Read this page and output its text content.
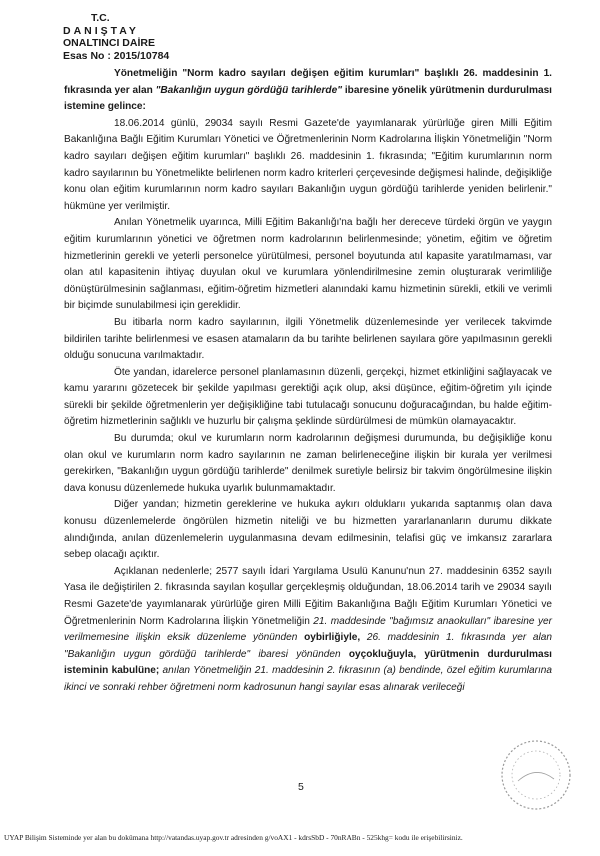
T.C.
DANIŞTAY
ONALTINCI DAİRE
Esas No : 2015/10784

Yönetmeliğin "Norm kadro sayıları değişen eğitim kurumları" başlıklı 26. maddesinin 1. fıkrasında yer alan "Bakanlığın uygun gördüğü tarihlerde" ibaresine yönelik yürütmenin durdurulması istemine gelince:

18.06.2014 günlü, 29034 sayılı Resmi Gazete'de yayımlanarak yürürlüğe giren Milli Eğitim Bakanlığına Bağlı Eğitim Kurumları Yönetici ve Öğretmenlerinin Norm Kadrolarına İlişkin Yönetmeliğin "Norm kadro sayıları değişen eğitim kurumları" başlıklı 26. maddesinin 1. fıkrasında; "Eğitim kurumlarının norm kadro sayılarının bu Yönetmelikte belirlenen norm kadro kriterleri çerçevesinde değişmesi halinde, değişikliğe konu olan eğitim kurumlarının norm kadro sayıları Bakanlığın uygun gördüğü tarihlerde yeniden belirlenir." hükmüne yer verilmiştir.

Anılan Yönetmelik uyarınca, Milli Eğitim Bakanlığı'na bağlı her dereceve türdeki örgün ve yaygın eğitim kurumlarının yönetici ve öğretmen norm kadrolarının belirlenmesinde; yönetim, eğitim ve öğretim hizmetlerinin gerekli ve yeterli personelce yürütülmesi, personel boyutunda atıl kapasite yaratılmaması, var olan atıl kapasitenin ihtiyaç duyulan okul ve kurumlara yönlendirilmesine zemin oluşturarak verimliliğe dönüştürülmesinin sağlanması, eğitim-öğretim hizmetleri alanındaki kamu hizmetinin sürekli, etkili ve verimli bir biçimde sunulabilmesi için gereklidir.

Bu itibarla norm kadro sayılarının, ilgili Yönetmelik düzenlemesinde yer verilecek takvimde bildirilen tarihte belirlenmesi ve esasen atamaların da bu tarihte belirlenen sayılara göre yapılmasının gerekli olduğu sonucuna varılmaktadır.

Öte yandan, idarelerce personel planlamasının düzenli, gerçekçi, hizmet etkinliğini sağlayacak ve kamu yararını gözetecek bir şekilde yapılması gerektiği açık olup, aksi düşünce, eğitim-öğretim yılı içinde sürekli bir şekilde öğretmenlerin yer değişikliğine tabi tutulacağı sonucunu doğuracağından, bu halde eğitim-öğretim hizmetlerinin sağlıklı ve huzurlu bir çalışma şeklinde sürdürülmesi de mümkün olamayacaktır.

Bu durumda; okul ve kurumların norm kadrolarının değişmesi durumunda, bu değişikliğe konu olan okul ve kurumların norm kadro sayılarının ne zaman belirleneceğine ilişkin bir kurala yer verilmesi gerekirken, "Bakanlığın uygun gördüğü tarihlerde" denilmek suretiyle belirsiz bir takvim öngörülmesine ilişkin dava konusu düzenlemede hukuka uyarlık bulunmamaktadır.

Diğer yandan; hizmetin gereklerine ve hukuka aykırı olduklarıı yukarıda saptanmış olan dava konusu düzenlemelerde öngörülen hizmetin niteliği ve bu hizmetten yararlananların durumu dikkate alındığında, anılan düzenlemelerin uygulanmasına devam edilmesinin, telafisi güç ve imkansız zararlara sebep olacağı açıktır.

Açıklanan nedenlerle; 2577 sayılı İdari Yargılama Usulü Kanunu'nun 27. maddesinin 6352 sayılı Yasa ile değiştirilen 2. fıkrasında sayılan koşullar gerçekleşmiş olduğundan, 18.06.2014 tarih ve 29034 sayılı Resmi Gazete'de yayımlanarak yürürlüğe giren Milli Eğitim Bakanlığına Bağlı Eğitim Kurumları Yönetici ve Öğretmenlerinin Norm Kadrolarına İlişkin Yönetmeliğin 21. maddesinde "bağımsız anaokulları" ibaresine yer verilmemesine ilişkin eksik düzenleme yönünden oybirliğiyle, 26. maddesinin 1. fıkrasında yer alan "Bakanlığın uygun gördüğü tarihlerde" ibaresi yönünden oyçokluğuyla, yürütmenin durdurulması isteminin kabulüne; anılan Yönetmeliğin 21. maddesinin 2. fıkrasının (a) bendinde, özel eğitim kurumlarına ikinci ve sonraki rehber öğretmeni norm kadrosunun hangi sayılar esas alınarak verileceği

5
UYAP Bilişim Sisteminde yer alan bu dokümana http://vatandas.uyap.gov.tr adresinden g/voAX1 - kdrsSbD - 70nRABn - 525khg= kodu ile erişebilirsiniz.
